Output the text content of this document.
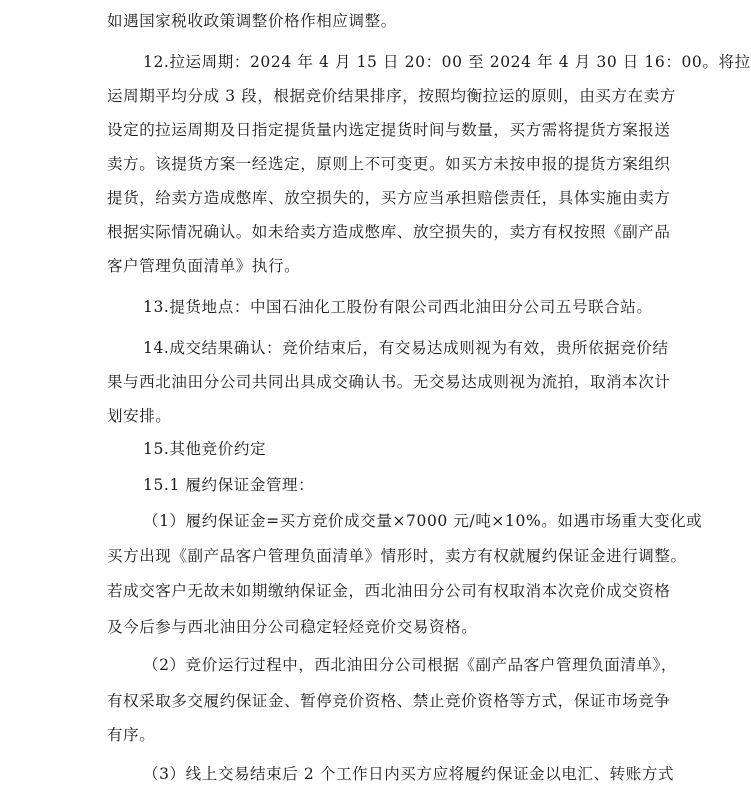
如遇国家税收政策调整价格作相应调整。

12.拉运周期：2024 年 4 月 15 日 20：00 至 2024 年 4 月 30 日 16：00。将拉

运周期平均分成 3 段，根据竞价结果排序，按照均衡拉运的原则，由买方在卖方

设定的拉运周期及日指定提货量内选定提货时间与数量，买方需将提货方案报送

卖方。该提货方案一经选定，原则上不可变更。如买方未按申报的提货方案组织

提货，给卖方造成憋库、放空损失的，买方应当承担赔偿责任，具体实施由卖方

根据实际情况确认。如未给卖方造成憋库、放空损失的，卖方有权按照《副产品

客户管理负面清单》执行。

13.提货地点：中国石油化工股份有限公司西北油田分公司五号联合站。

14.成交结果确认：竞价结束后，有交易达成则视为有效，贵所依据竞价结

果与西北油田分公司共同出具成交确认书。无交易达成则视为流拍，取消本次计

划安排。

15.其他竞价约定

15.1 履约保证金管理：

（1）履约保证金=买方竞价成交量×7000 元/吨×10%。如遇市场重大变化或

买方出现《副产品客户管理负面清单》情形时，卖方有权就履约保证金进行调整。

若成交客户无故未如期缴纳保证金，西北油田分公司有权取消本次竞价成交资格

及今后参与西北油田分公司稳定轻烃竞价交易资格。

（2）竞价运行过程中，西北油田分公司根据《副产品客户管理负面清单》，

有权采取多交履约保证金、暂停竞价资格、禁止竞价资格等方式，保证市场竞争

有序。

（3）线上交易结束后 2 个工作日内买方应将履约保证金以电汇、转账方式
